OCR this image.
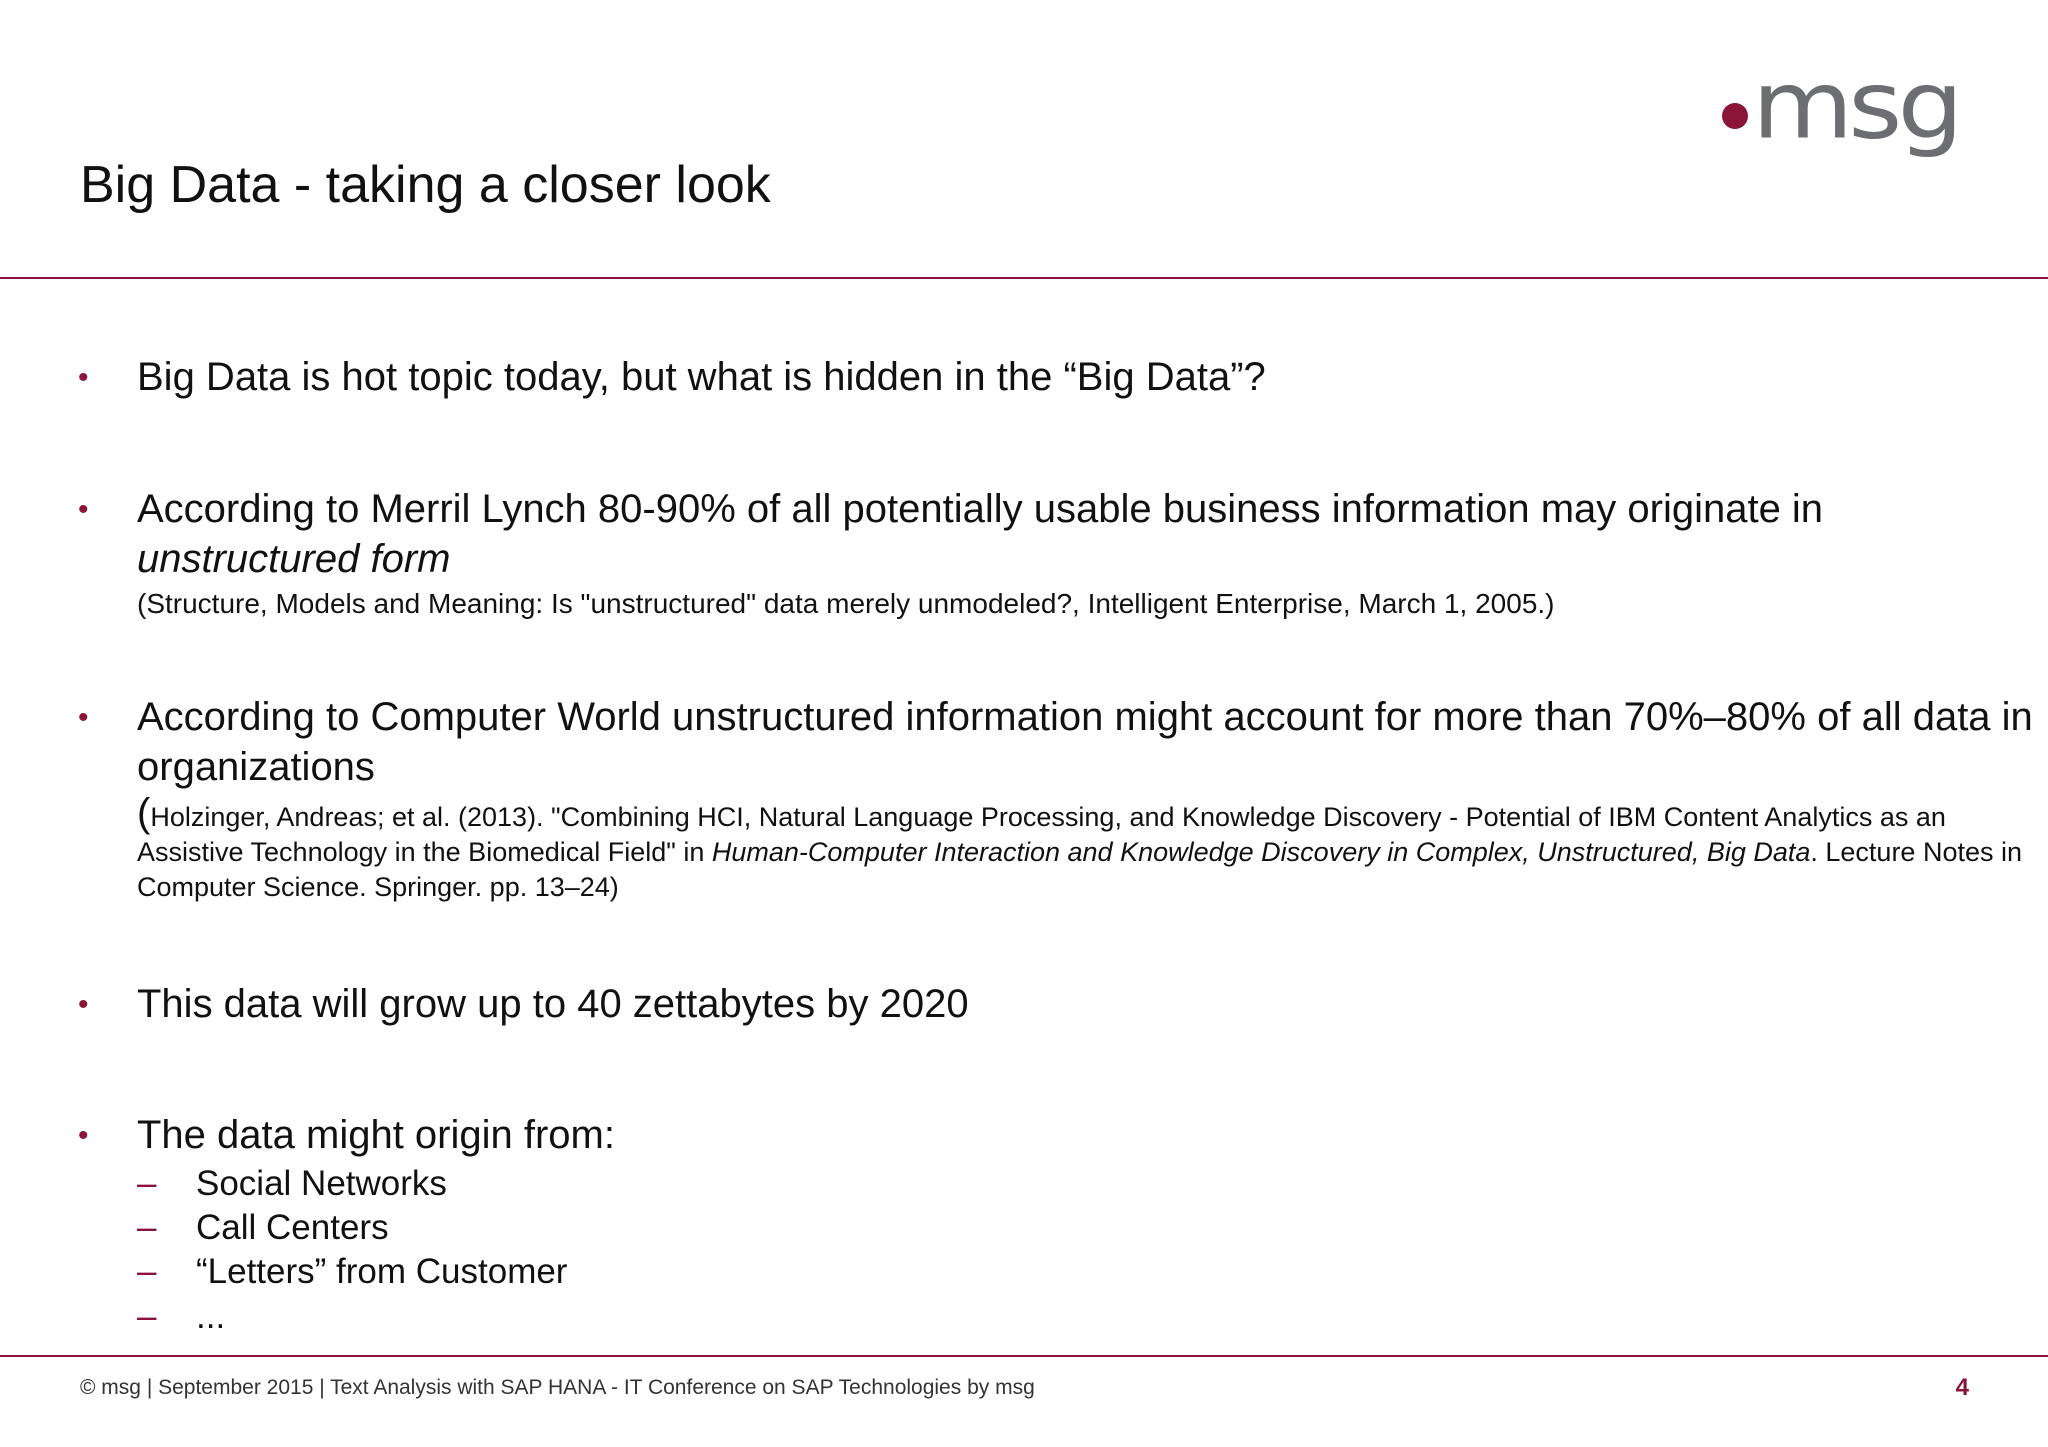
msg
Big Data - taking a closer look
• Big Data is hot topic today, but what is hidden in the “Big Data”?
• According to Merril Lynch 80-90% of all potentially usable business information may originate in unstructured form
(Structure, Models and Meaning: Is "unstructured" data merely unmodeled?, Intelligent Enterprise, March 1, 2005.)
• According to Computer World unstructured information might account for more than 70%–80% of all data in organizations
(Holzinger, Andreas; et al. (2013). "Combining HCI, Natural Language Processing, and Knowledge Discovery - Potential of IBM Content Analytics as an Assistive Technology in the Biomedical Field" in Human-Computer Interaction and Knowledge Discovery in Complex, Unstructured, Big Data. Lecture Notes in Computer Science. Springer. pp. 13–24)
• This data will grow up to 40 zettabytes by 2020
• The data might origin from:
– Social Networks
– Call Centers
– “Letters” from Customer
– ...
© msg | September 2015 | Text Analysis with SAP HANA - IT Conference on SAP Technologies by msg	4
